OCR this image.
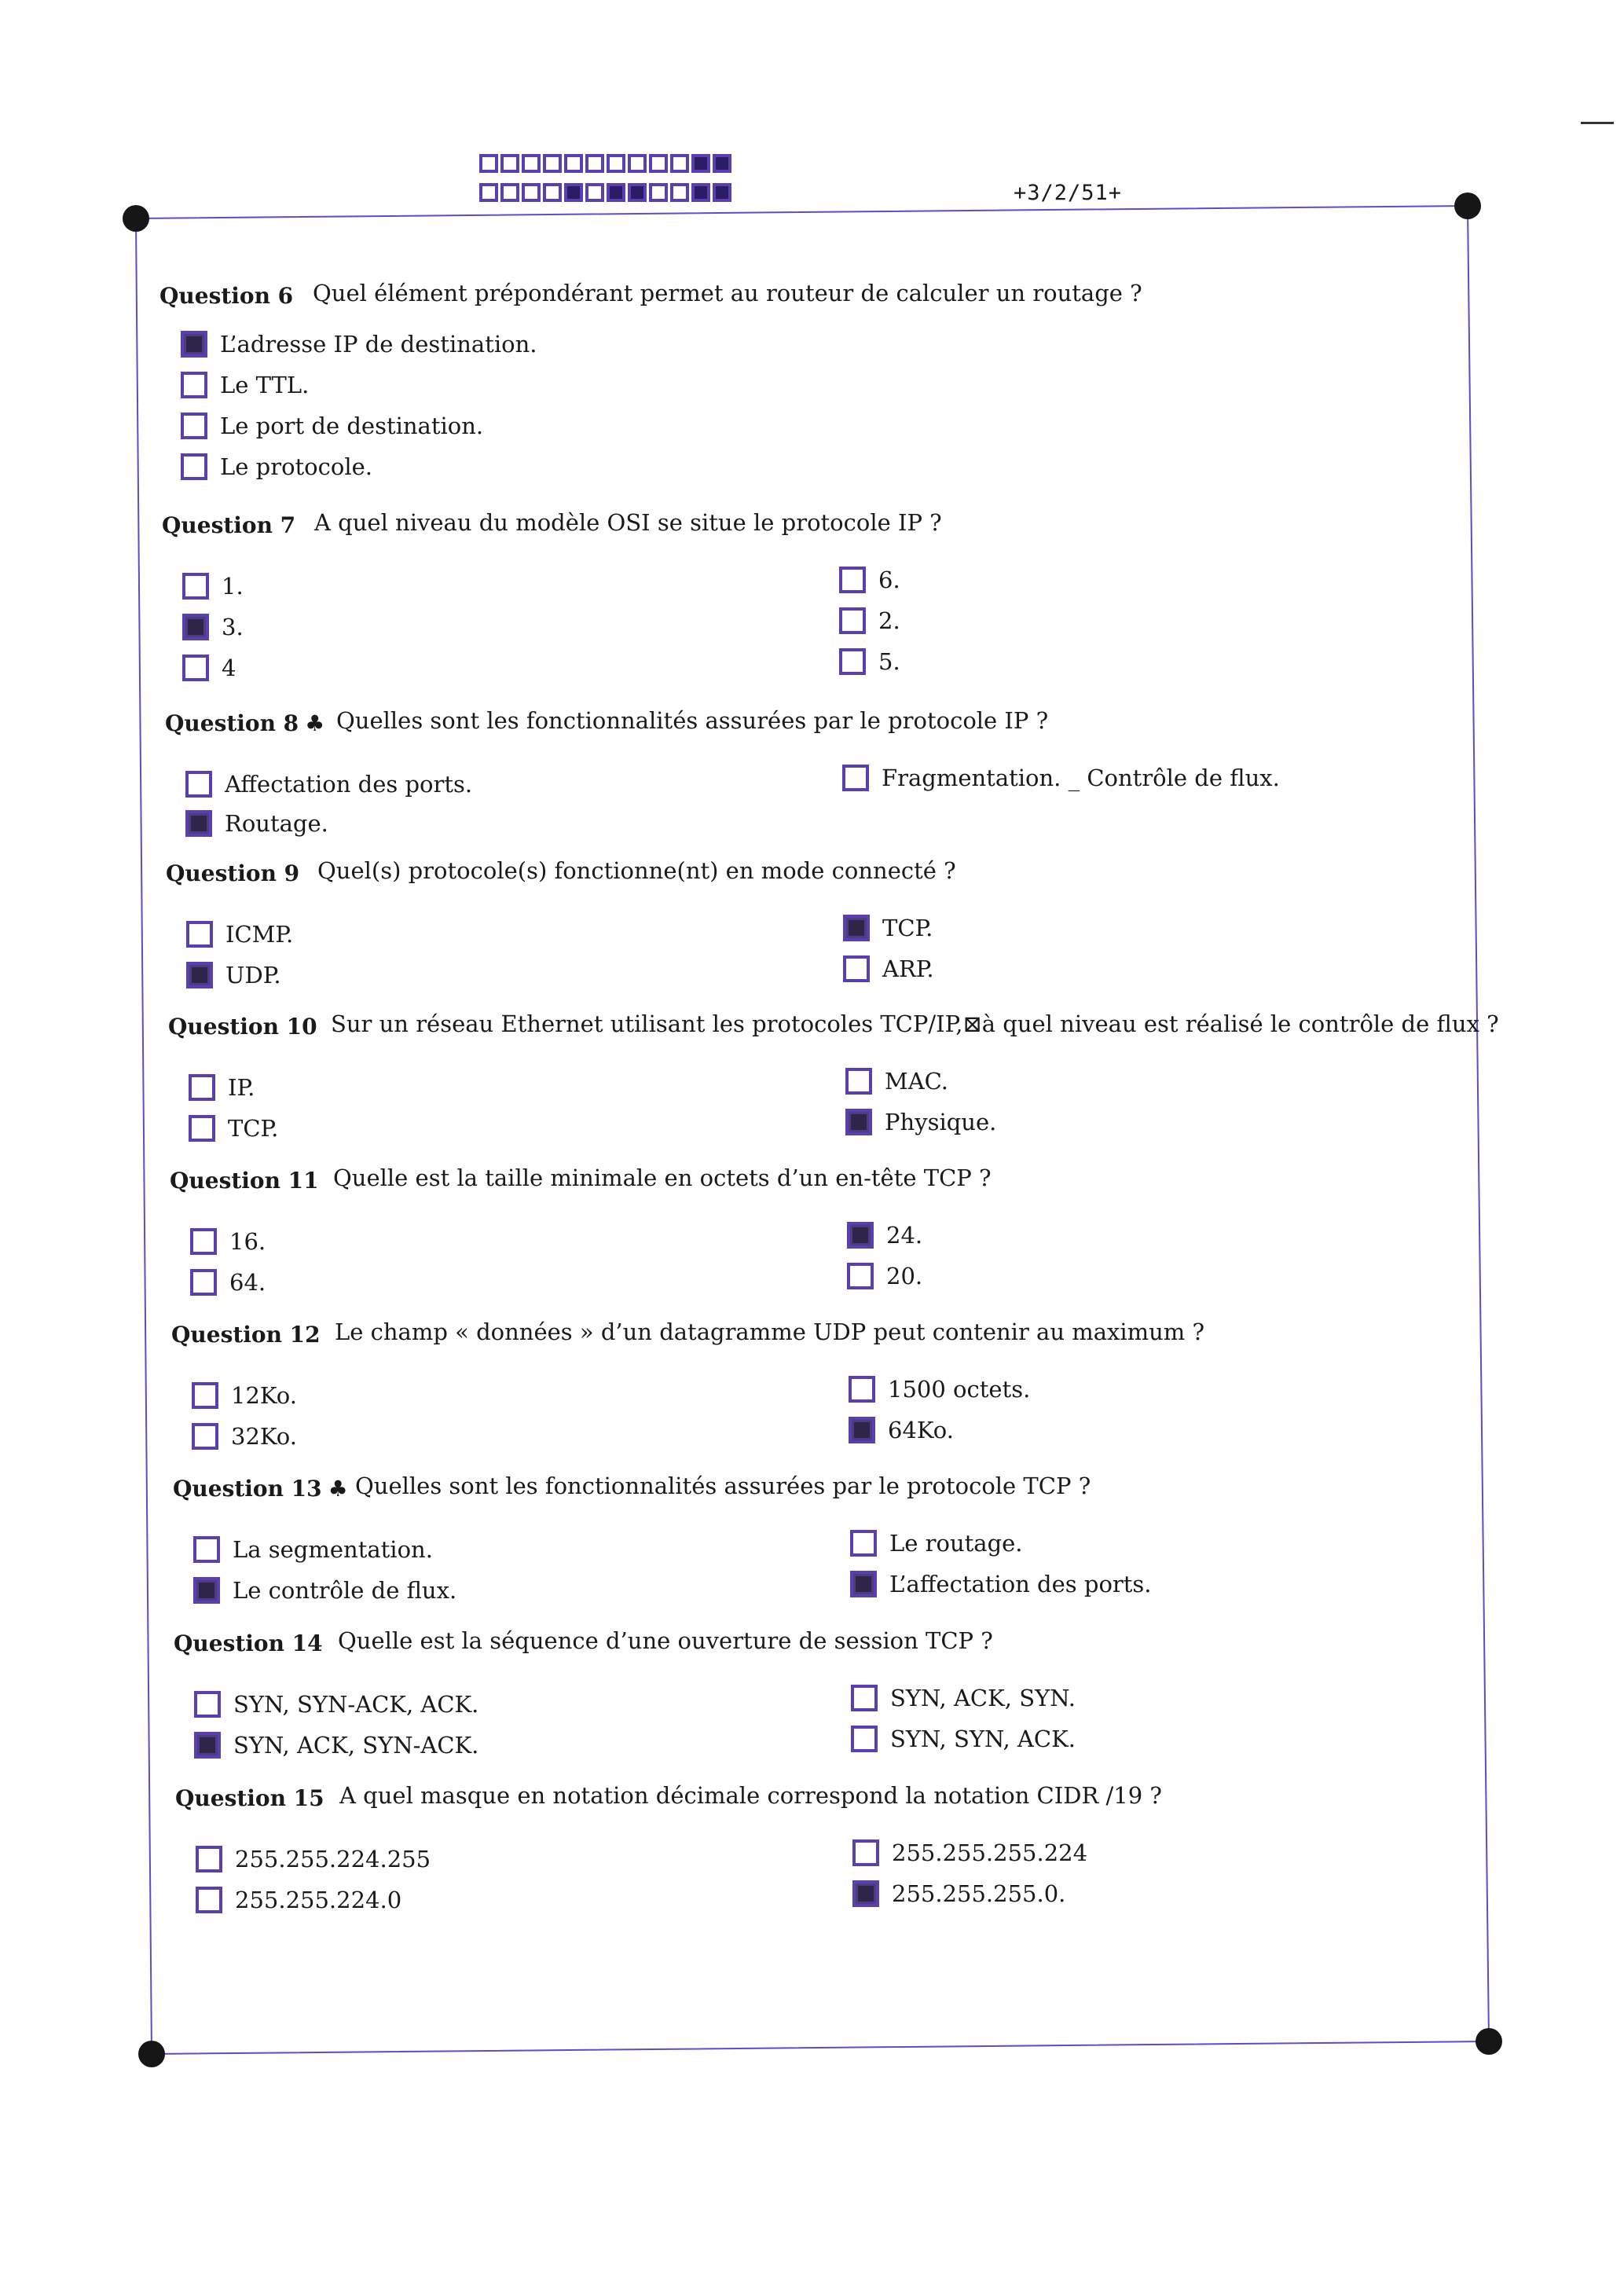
+3/2/51+
Question 6 Quel élément prépondérant permet au routeur de calculer un routage ?
L’adresse IP de destination.
Le TTL.
Le port de destination.
Le protocole.
Question 7 A quel niveau du modèle OSI se situe le protocole IP ?
1.
3.
4
6.
2.
5.
Question 8 ♣ Quelles sont les fonctionnalités assurées par le protocole IP ?
Affectation des ports.
Routage.
Fragmentation. _ Contrôle de flux.
Question 9 Quel(s) protocole(s) fonctionne(nt) en mode connecté ?
ICMP.
UDP.
TCP.
ARP.
Question 10 Sur un réseau Ethernet utilisant les protocoles TCP/IP,⊠à quel niveau est réalisé le contrôle de flux ?
IP.
TCP.
MAC.
Physique.
Question 11 Quelle est la taille minimale en octets d’un en-tête TCP ?
16.
64.
24.
20.
Question 12 Le champ « données » d’un datagramme UDP peut contenir au maximum ?
12Ko.
32Ko.
1500 octets.
64Ko.
Question 13 ♣ Quelles sont les fonctionnalités assurées par le protocole TCP ?
La segmentation.
Le contrôle de flux.
Le routage.
L’affectation des ports.
Question 14 Quelle est la séquence d’une ouverture de session TCP ?
SYN, SYN-ACK, ACK.
SYN, ACK, SYN-ACK.
SYN, ACK, SYN.
SYN, SYN, ACK.
Question 15 A quel masque en notation décimale correspond la notation CIDR /19 ?
255.255.224.255
255.255.224.0
255.255.255.224
255.255.255.0.
